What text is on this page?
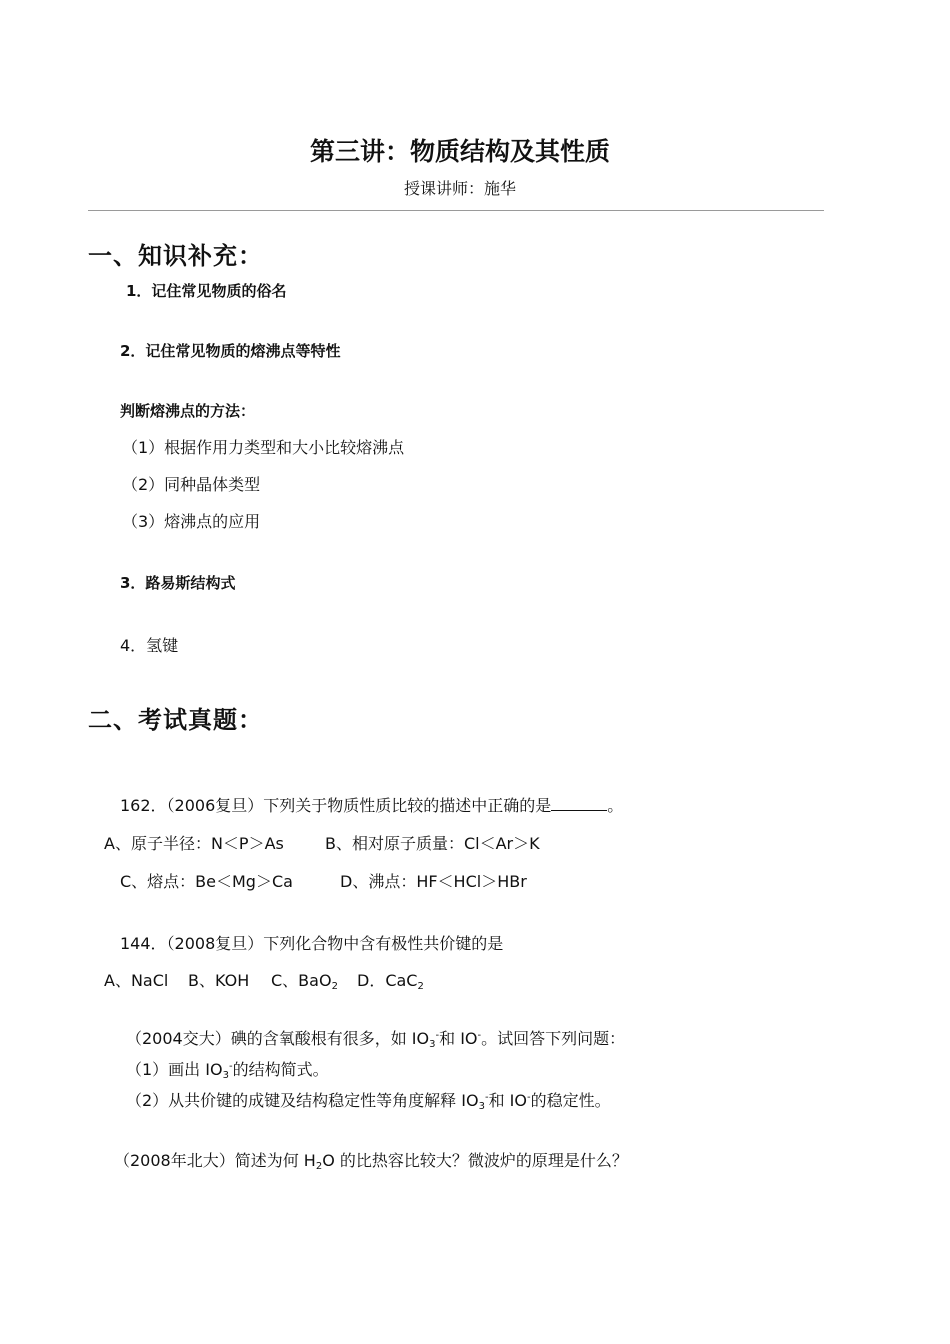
第三讲：物质结构及其性质
授课讲师：施华
一、知识补充：
1．记住常见物质的俗名
2．记住常见物质的熔沸点等特性
判断熔沸点的方法：
（1）根据作用力类型和大小比较熔沸点
（2）同种晶体类型
（3）熔沸点的应用
3．路易斯结构式
4．氢键
二、考试真题：
162．（2006复旦）下列关于物质性质比较的描述中正确的是	。
A、原子半径：N＜P＞As	B、相对原子质量：Cl＜Ar＞K
C、熔点：Be＜Mg＞Ca	D、沸点：HF＜HCl＞HBr
144．（2008复旦）下列化合物中含有极性共价键的是
A、NaCl B、KOH C、BaO$_2$ D．CaC$_2$
（2004交大）碘的含氧酸根有很多，如 $IO_3^-$和 IO-。试回答下列问题：
（1）画出 $IO_3^-$的结构简式。
（2）从共价键的成键及结构稳定性等角度解释 $IO_3^-$和 IO-的稳定性。
（2008年北大）简述为何 $H_2O$ 的比热容比较大？微波炉的原理是什么？
